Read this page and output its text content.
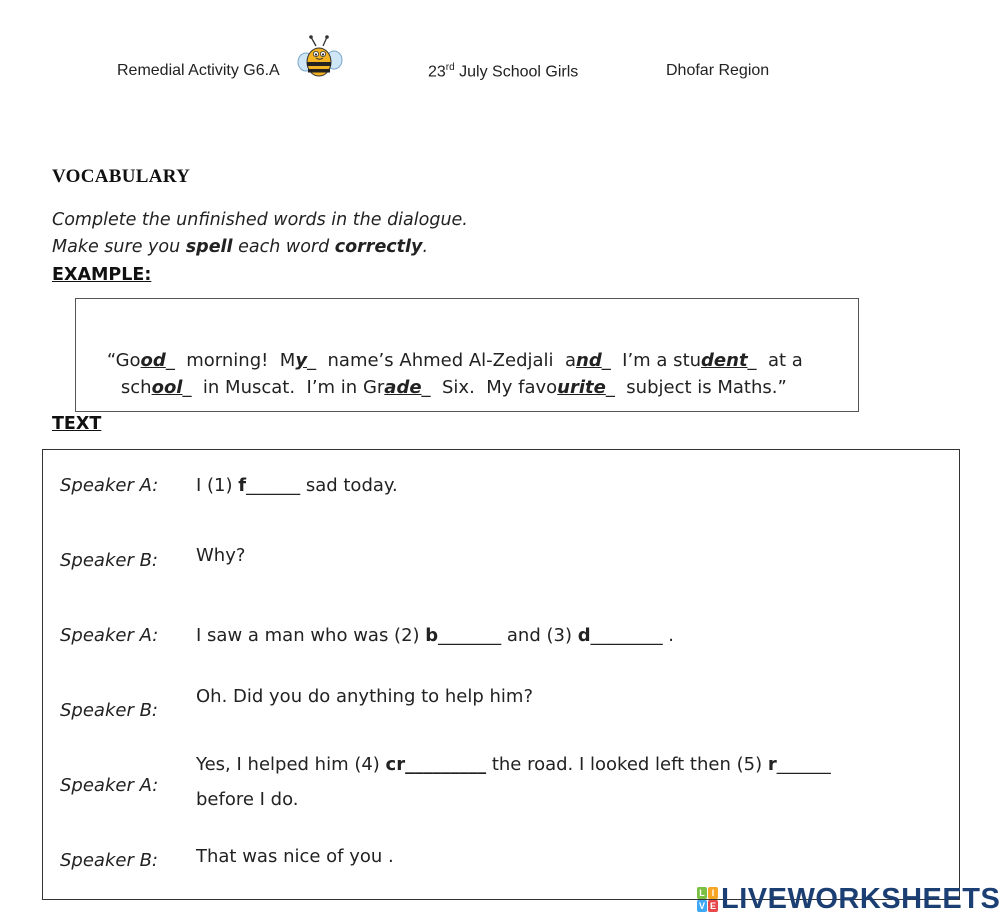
Remedial Activity G6.A	23rd July School Girls	Dhofar Region
VOCABULARY
Complete the unfinished words in the dialogue.
Make sure you spell each word correctly.
EXAMPLE:

“Good_  morning!  My_  name’s Ahmed Al-Zedjali  and_  I’m a student_  at a

school_  in Muscat.  I’m in Grade_  Six.  My favourite_  subject is Maths.”

TEXT
Speaker A: I (1) f______ sad today.
Speaker B: Why?
Speaker A: I saw a man who was (2) b_______ and (3) d________ .
Speaker B:
Oh. Did you do anything to help him?
Speaker A:
Yes, I helped him (4) cr_________ the road. I looked left then (5) r______
before I do.
Speaker B: That was nice of you .
L I
V E LIVEWORKSHEETS
